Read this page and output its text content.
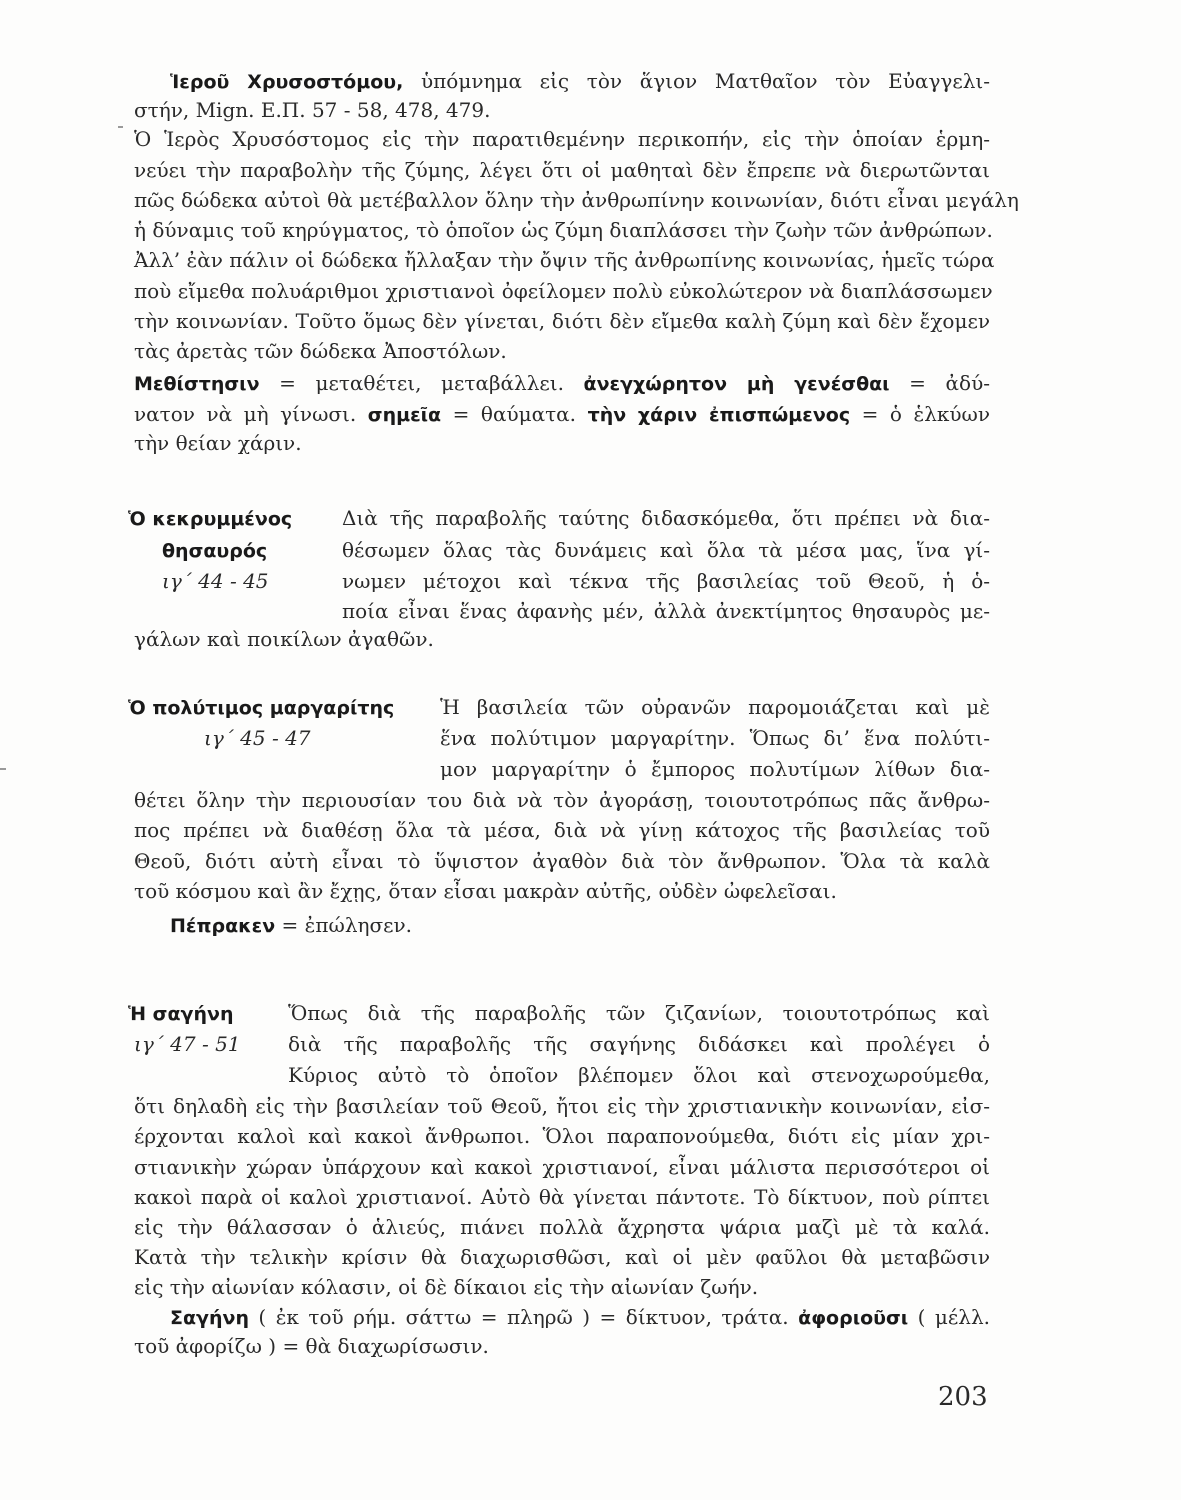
Ἱεροῦ Χρυσοστόμου, ὑπόμνημα εἰς τὸν ἅγιον Ματθαῖον τὸν Εὐαγγελι-
στήν, Mign. Ε.Π. 57 - 58, 478, 479.
Ὁ Ἱερὸς Χρυσόστομος εἰς τὴν παρατιθεμένην περικοπήν, εἰς τὴν ὁποίαν ἑρμη-
νεύει τὴν παραβολὴν τῆς ζύμης, λέγει ὅτι οἱ μαθηταὶ δὲν ἔπρεπε νὰ διερωτῶνται
πῶς δώδεκα αὐτοὶ θὰ μετέβαλλον ὅλην τὴν ἀνθρωπίνην κοινωνίαν, διότι εἶναι μεγάλη
ἡ δύναμις τοῦ κηρύγματος, τὸ ὁποῖον ὡς ζύμη διαπλάσσει τὴν ζωὴν τῶν ἀνθρώπων.
Ἀλλ’ ἐὰν πάλιν οἱ δώδεκα ἤλλαξαν τὴν ὄψιν τῆς ἀνθρωπίνης κοινωνίας, ἡμεῖς τώρα
ποὺ εἴμεθα πολυάριθμοι χριστιανοὶ ὀφείλομεν πολὺ εὐκολώτερον νὰ διαπλάσσωμεν
τὴν κοινωνίαν. Τοῦτο ὅμως δὲν γίνεται, διότι δὲν εἴμεθα καλὴ ζύμη καὶ δὲν ἔχομεν
τὰς ἀρετὰς τῶν δώδεκα Ἀποστόλων.
Μεθίστησιν = μεταθέτει, μεταβάλλει. ἀνεγχώρητον μὴ γενέσθαι = ἀδύ-
νατον νὰ μὴ γίνωσι. σημεῖα = θαύματα. τὴν χάριν ἐπισπώμενος = ὁ ἑλκύων
τὴν θείαν χάριν.
Ὁ κεκρυμμένος
θησαυρός
ιγ´ 44 - 45
Διὰ τῆς παραβολῆς ταύτης διδασκόμεθα, ὅτι πρέπει νὰ δια-
θέσωμεν ὅλας τὰς δυνάμεις καὶ ὅλα τὰ μέσα μας, ἵνα γί-
νωμεν μέτοχοι καὶ τέκνα τῆς βασιλείας τοῦ Θεοῦ, ἡ ὁ-
ποία εἶναι ἕνας ἀφανὴς μέν, ἀλλὰ ἀνεκτίμητος θησαυρὸς με-
γάλων καὶ ποικίλων ἀγαθῶν.
Ὁ πολύτιμος μαργαρίτης
ιγ´ 45 - 47
Ἡ βασιλεία τῶν οὐρανῶν παρομοιάζεται καὶ μὲ
ἕνα πολύτιμον μαργαρίτην. Ὅπως δι’ ἕνα πολύτι-
μον μαργαρίτην ὁ ἔμπορος πολυτίμων λίθων δια-
θέτει ὅλην τὴν περιουσίαν του διὰ νὰ τὸν ἀγοράσῃ, τοιουτοτρόπως πᾶς ἄνθρω-
πος πρέπει νὰ διαθέσῃ ὅλα τὰ μέσα, διὰ νὰ γίνῃ κάτοχος τῆς βασιλείας τοῦ
Θεοῦ, διότι αὐτὴ εἶναι τὸ ὕψιστον ἀγαθὸν διὰ τὸν ἄνθρωπον. Ὅλα τὰ καλὰ
τοῦ κόσμου καὶ ἂν ἔχῃς, ὅταν εἶσαι μακρὰν αὐτῆς, οὐδὲν ὠφελεῖσαι.
Πέπρακεν = ἐπώλησεν.
Ἡ σαγήνη
ιγ´ 47 - 51
Ὅπως διὰ τῆς παραβολῆς τῶν ζιζανίων, τοιουτοτρόπως καὶ
διὰ τῆς παραβολῆς τῆς σαγήνης διδάσκει καὶ προλέγει ὁ
Κύριος αὐτὸ τὸ ὁποῖον βλέπομεν ὅλοι καὶ στενοχωρούμεθα,
ὅτι δηλαδὴ εἰς τὴν βασιλείαν τοῦ Θεοῦ, ἤτοι εἰς τὴν χριστιανικὴν κοινωνίαν, εἰσ-
έρχονται καλοὶ καὶ κακοὶ ἄνθρωποι. Ὅλοι παραπονούμεθα, διότι εἰς μίαν χρι-
στιανικὴν χώραν ὑπάρχουν καὶ κακοὶ χριστιανοί, εἶναι μάλιστα περισσότεροι οἱ
κακοὶ παρὰ οἱ καλοὶ χριστιανοί. Αὐτὸ θὰ γίνεται πάντοτε. Τὸ δίκτυον, ποὺ ρίπτει
εἰς τὴν θάλασσαν ὁ ἁλιεύς, πιάνει πολλὰ ἄχρηστα ψάρια μαζὶ μὲ τὰ καλά.
Κατὰ τὴν τελικὴν κρίσιν θὰ διαχωρισθῶσι, καὶ οἱ μὲν φαῦλοι θὰ μεταβῶσιν
εἰς τὴν αἰωνίαν κόλασιν, οἱ δὲ δίκαιοι εἰς τὴν αἰωνίαν ζωήν.
Σαγήνη ( ἐκ τοῦ ρήμ. σάττω = πληρῶ ) = δίκτυον, τράτα. ἀφοριοῦσι ( μέλλ.
τοῦ ἀφορίζω ) = θὰ διαχωρίσωσιν.
203
